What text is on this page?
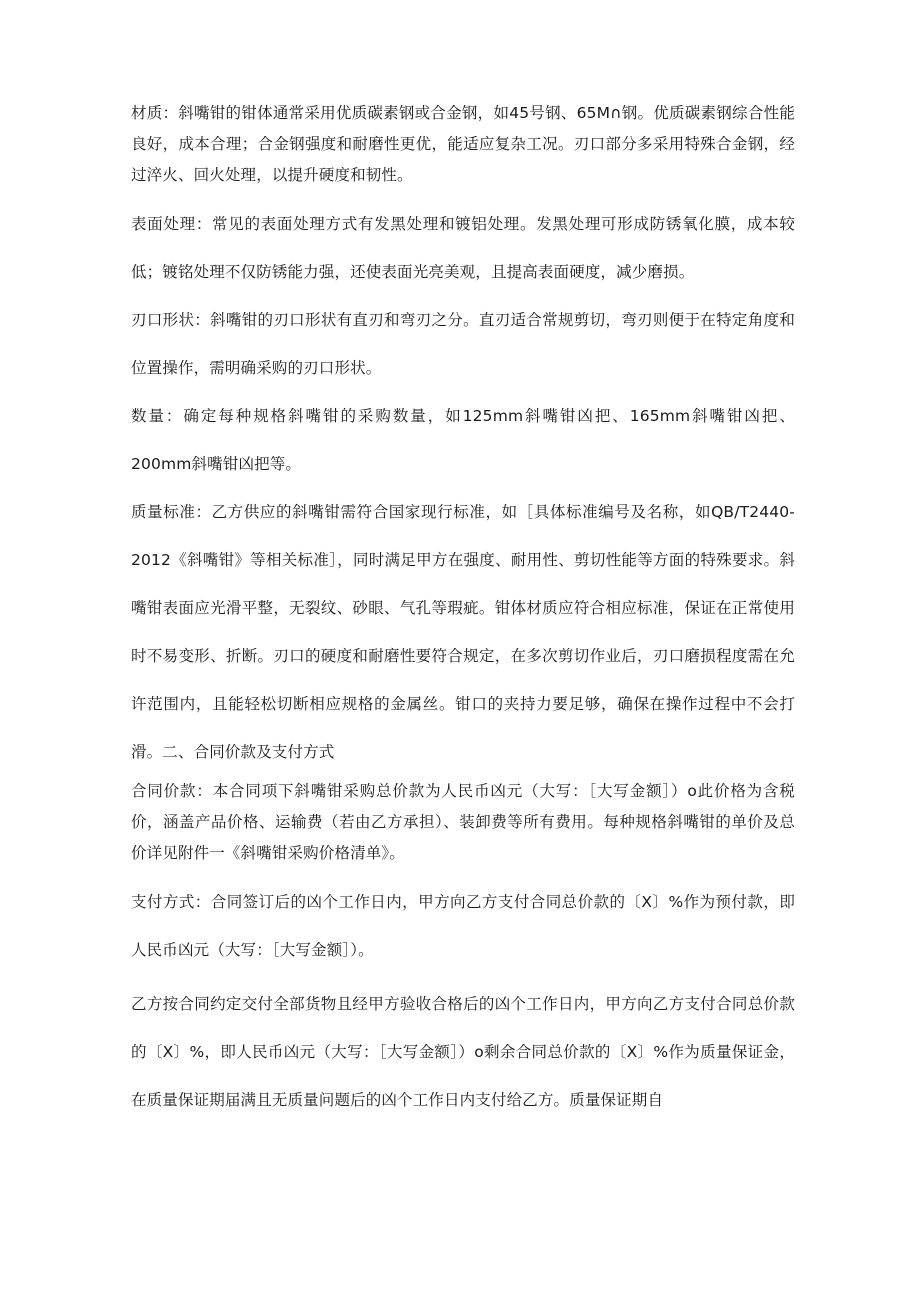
材质：斜嘴钳的钳体通常采用优质碳素钢或合金钢，如45号钢、65M∩钢。优质碳素钢综合性能良好，成本合理；合金钢强度和耐磨性更优，能适应复杂工况。刃口部分多采用特殊合金钢，经过淬火、回火处理，以提升硬度和韧性。

表面处理：常见的表面处理方式有发黑处理和镀铝处理。发黑处理可形成防锈氧化膜，成本较低；镀铭处理不仅防锈能力强，还使表面光亮美观，且提高表面硬度，减少磨损。

刃口形状：斜嘴钳的刃口形状有直刃和弯刃之分。直刃适合常规剪切，弯刃则便于在特定角度和位置操作，需明确采购的刃口形状。

数量：确定每种规格斜嘴钳的采购数量，如125mm斜嘴钳凶把、165mm斜嘴钳凶把、200mm斜嘴钳凶把等。

质量标准：乙方供应的斜嘴钳需符合国家现行标准，如［具体标准编号及名称，如QB/T2440-2012《斜嘴钳》等相关标准］，同时满足甲方在强度、耐用性、剪切性能等方面的特殊要求。斜嘴钳表面应光滑平整，无裂纹、砂眼、气孔等瑕疵。钳体材质应符合相应标准，保证在正常使用时不易变形、折断。刃口的硬度和耐磨性要符合规定，在多次剪切作业后，刃口磨损程度需在允许范围内，且能轻松切断相应规格的金属丝。钳口的夹持力要足够，确保在操作过程中不会打滑。二、合同价款及支付方式

合同价款：本合同项下斜嘴钳采购总价款为人民币凶元（大写：［大写金额］）o此价格为含税价，涵盖产品价格、运输费（若由乙方承担）、装卸费等所有费用。每种规格斜嘴钳的单价及总价详见附件一《斜嘴钳采购价格清单》。

支付方式：合同签订后的凶个工作日内，甲方向乙方支付合同总价款的〔X〕%作为预付款，即人民币凶元（大写：［大写金额］）。

乙方按合同约定交付全部货物且经甲方验收合格后的凶个工作日内，甲方向乙方支付合同总价款的〔X〕%，即人民币凶元（大写：［大写金额］）o剩余合同总价款的〔X〕%作为质量保证金，在质量保证期届满且无质量问题后的凶个工作日内支付给乙方。质量保证期自
